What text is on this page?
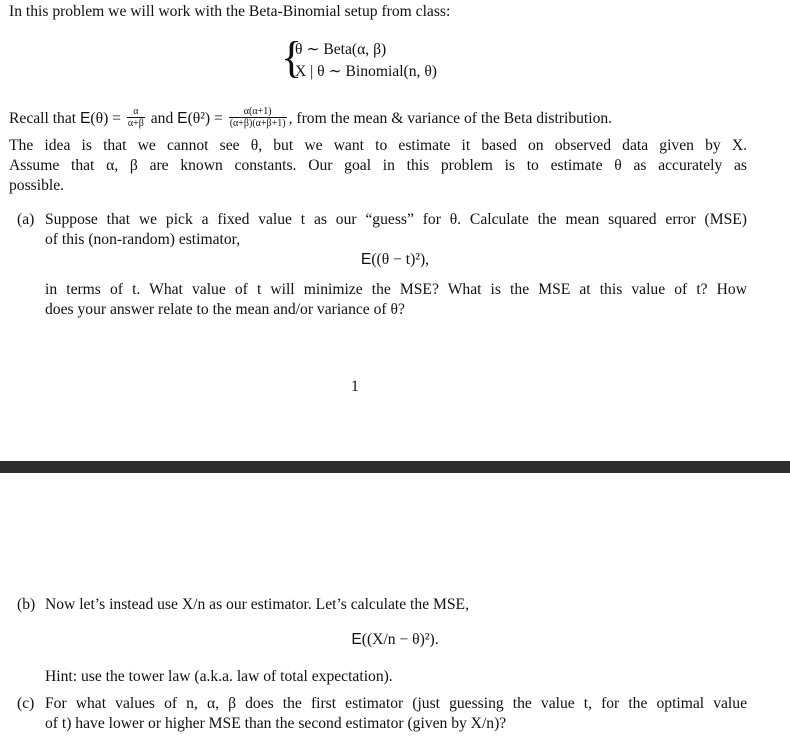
In this problem we will work with the Beta-Binomial setup from class:
{
θ ∼ Beta(α, β)
X | θ ∼ Binomial(n, θ)
Recall that $E(\theta) = \frac{\alpha}{\alpha+\beta}$ and $E(\theta^2) = \frac{\alpha(\alpha+1)}{(\alpha+\beta)(\alpha+\beta+1)}$ , from the mean & variance of the Beta distribution.
The idea is that we cannot see θ, but we want to estimate it based on observed data given by X.
Assume that α, β are known constants. Our goal in this problem is to estimate θ as accurately as
possible.
(a) Suppose that we pick a fixed value t as our “guess” for θ. Calculate the mean squared error (MSE)
of this (non-random) estimator,
E((θ − t)²),
in terms of t. What value of t will minimize the MSE? What is the MSE at this value of t? How
does your answer relate to the mean and/or variance of θ?
1
(b) Now let’s instead use X/n as our estimator. Let’s calculate the MSE,
E((X/n − θ)²).
Hint: use the tower law (a.k.a. law of total expectation).
(c) For what values of n, α, β does the first estimator (just guessing the value t, for the optimal value
of t) have lower or higher MSE than the second estimator (given by X/n)?
